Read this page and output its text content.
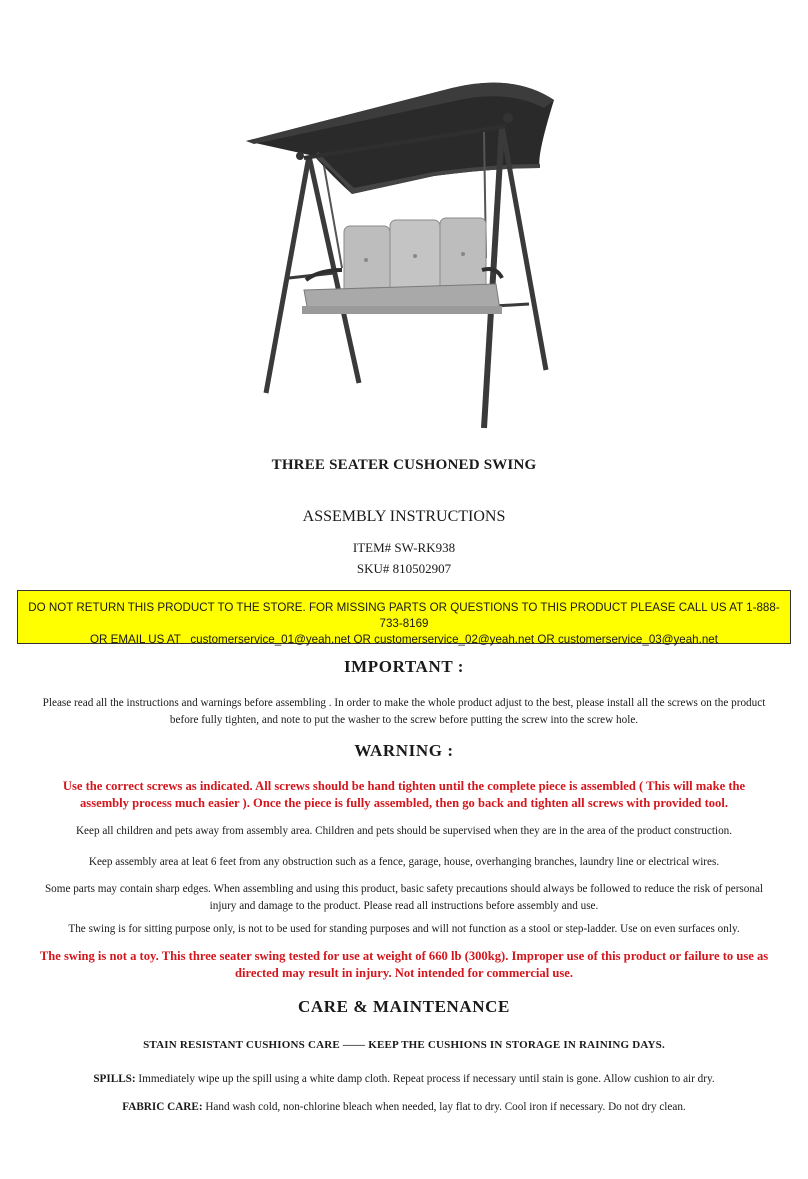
THREE SEATER CUSHONED SWING
ASSEMBLY INSTRUCTIONS
ITEM# SW-RK938
SKU# 810502907
DO NOT RETURN THIS PRODUCT TO THE STORE. FOR MISSING PARTS OR QUESTIONS TO THIS PRODUCT PLEASE CALL US AT 1-888-733-8169
OR EMAIL US AT   customerservice_01@yeah.net OR customerservice_02@yeah.net OR customerservice_03@yeah.net
IMPORTANT :
Please read all the instructions and warnings before assembling . In order to make the whole product adjust to the best, please install all the screws on the product
before fully tighten, and note to put the washer to the screw before putting the screw into the screw hole.
WARNING :
Use the correct screws as indicated. All screws should be hand tighten until the complete piece is assembled ( This will make the
assembly process much easier ). Once the piece is fully assembled, then go back and tighten all screws with provided tool.
Keep all children and pets away from assembly area. Children and pets should be supervised when they are in the area of the product construction.
Keep assembly area at leat 6 feet from any obstruction such as a fence, garage, house, overhanging branches, laundry line or electrical wires.
Some parts may contain sharp edges. When assembling and using this product, basic safety precautions should always be followed to reduce the risk of personal
injury and damage to the product. Please read all instructions before assembly and use.
The swing is for sitting purpose only, is not to be used for standing purposes and will not function as a stool or step-ladder. Use on even surfaces only.
The swing is not a toy. This three seater swing tested for use at weight of 660 lb (300kg). Improper use of this product or failure to use as
directed may result in injury. Not intended for commercial use.
CARE & MAINTENANCE
STAIN RESISTANT CUSHIONS CARE —— KEEP THE CUSHIONS IN STORAGE IN RAINING DAYS.
SPILLS: Immediately wipe up the spill using a white damp cloth. Repeat process if necessary until stain is gone. Allow cushion to air dry.
FABRIC CARE: Hand wash cold, non-chlorine bleach when needed, lay flat to dry. Cool iron if necessary. Do not dry clean.
